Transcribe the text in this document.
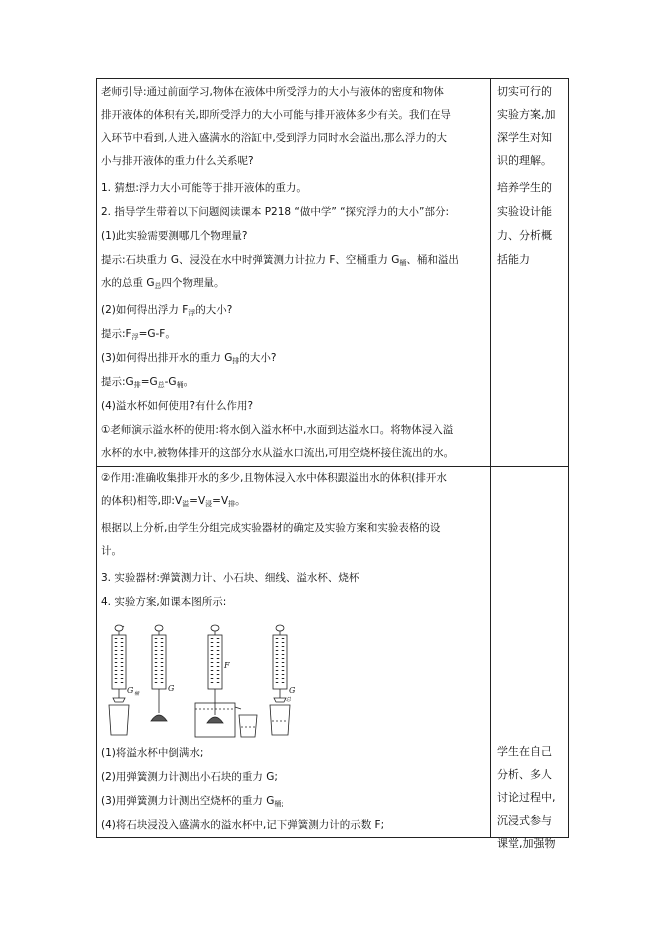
老师引导:通过前面学习,物体在液体中所受浮力的大小与液体的密度和物体
排开液体的体积有关,即所受浮力的大小可能与排开液体多少有关。我们在导
入环节中看到,人进入盛满水的浴缸中,受到浮力同时水会溢出,那么浮力的大
小与排开液体的重力什么关系呢?
1. 猜想:浮力大小可能等于排开液体的重力。
2. 指导学生带着以下问题阅读课本 P218 “做中学” “探究浮力的大小”部分:
(1)此实验需要测哪几个物理量?
提示:石块重力 G、浸没在水中时弹簧测力计拉力 F、空桶重力 G桶、桶和溢出
水的总重 G总四个物理量。
(2)如何得出浮力 F浮的大小?
提示:F浮=G-F。
(3)如何得出排开水的重力 G排的大小?
提示:G排=G总-G桶。
(4)溢水杯如何使用?有什么作用?
①老师演示溢水杯的使用:将水倒入溢水杯中,水面到达溢水口。将物体浸入溢
水杯的水中,被物体排开的这部分水从溢水口流出,可用空烧杯接住流出的水。
切实可行的
实验方案,加
深学生对知
识的理解。
培养学生的
实验设计能
力、分析概
括能力
②作用:准确收集排开水的多少,且物体浸入水中体积跟溢出水的体积(排开水
的体积)相等,即:V溢=V浸=V排。
根据以上分析,由学生分组完成实验器材的确定及实验方案和实验表格的设
计。
3. 实验器材:弹簧测力计、小石块、细线、溢水杯、烧杯
4. 实验方案,如课本图所示:
G 桶
G
F
G
总
(1)将溢水杯中倒满水;
(2)用弹簧测力计测出小石块的重力 G;
(3)用弹簧测力计测出空烧杯的重力 G桶;
(4)将石块浸没入盛满水的溢水杯中,记下弹簧测力计的示数 F;
学生在自己
分析、多人
讨论过程中,
沉浸式参与
课堂,加强物
